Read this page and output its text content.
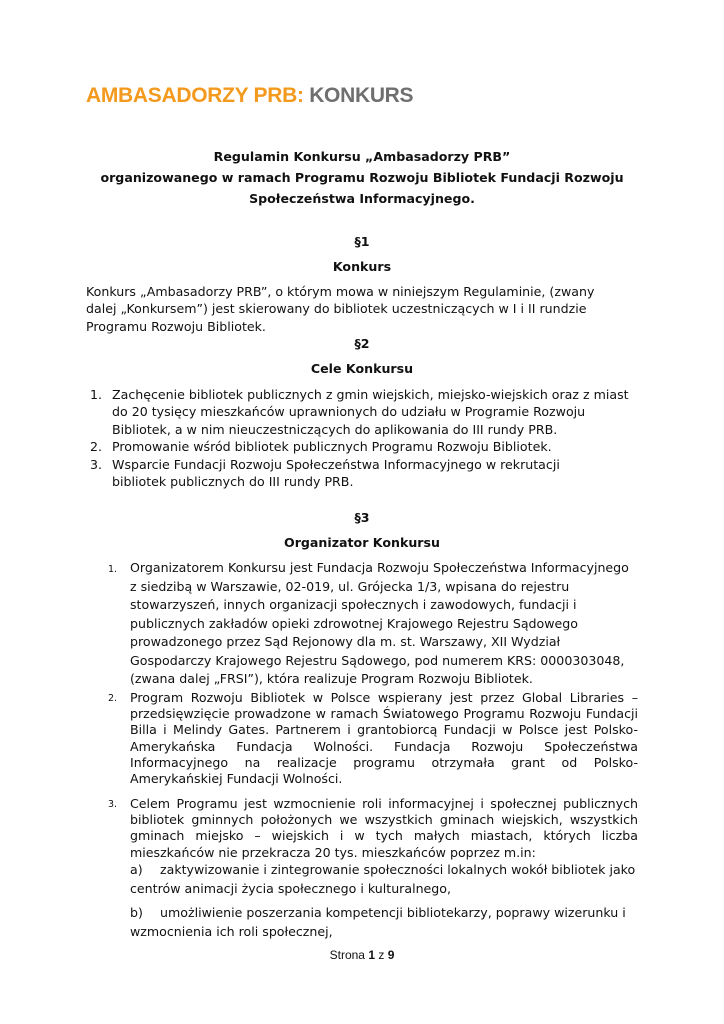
AMBASADORZY PRB: KONKURS
Regulamin Konkursu „Ambasadorzy PRB”
organizowanego w ramach Programu Rozwoju Bibliotek Fundacji Rozwoju
Społeczeństwa Informacyjnego.
§1
Konkurs
Konkurs „Ambasadorzy PRB”, o którym mowa w niniejszym Regulaminie, (zwany dalej „Konkursem”) jest skierowany do bibliotek uczestniczących w I i II rundzie Programu Rozwoju Bibliotek.
§2
Cele Konkursu
1. Zachęcenie bibliotek publicznych z gmin wiejskich, miejsko-wiejskich oraz z miast do 20 tysięcy mieszkańców uprawnionych do udziału w Programie Rozwoju Bibliotek, a w nim nieuczestniczących do aplikowania do III rundy PRB.
2. Promowanie wśród bibliotek publicznych Programu Rozwoju Bibliotek.
3. Wsparcie Fundacji Rozwoju Społeczeństwa Informacyjnego w rekrutacji bibliotek publicznych do III rundy PRB.
§3
Organizator Konkursu
1. Organizatorem Konkursu jest Fundacja Rozwoju Społeczeństwa Informacyjnego z siedzibą w Warszawie, 02-019, ul. Grójecka 1/3, wpisana do rejestru stowarzyszeń, innych organizacji społecznych i zawodowych, fundacji i publicznych zakładów opieki zdrowotnej Krajowego Rejestru Sądowego prowadzonego przez Sąd Rejonowy dla m. st. Warszawy, XII Wydział Gospodarczy Krajowego Rejestru Sądowego, pod numerem KRS: 0000303048, (zwana dalej „FRSI”), która realizuje Program Rozwoju Bibliotek.
2. Program Rozwoju Bibliotek w Polsce wspierany jest przez Global Libraries – przedsięwzięcie prowadzone w ramach Światowego Programu Rozwoju Fundacji Billa i Melindy Gates. Partnerem i grantobiorcą Fundacji w Polsce jest Polsko-Amerykańska Fundacja Wolności. Fundacja Rozwoju Społeczeństwa Informacyjnego na realizacje programu otrzymała grant od Polsko-Amerykańskiej Fundacji Wolności.
3. Celem Programu jest wzmocnienie roli informacyjnej i społecznej publicznych bibliotek gminnych położonych we wszystkich gminach wiejskich, wszystkich gminach miejsko – wiejskich i w tych małych miastach, których liczba mieszkańców nie przekracza 20 tys. mieszkańców poprzez m.in:
a)	zaktywizowanie i zintegrowanie społeczności lokalnych wokół bibliotek jako centrów animacji życia społecznego i kulturalnego,
b)	umożliwienie poszerzania kompetencji bibliotekarzy, poprawy wizerunku i wzmocnienia ich roli społecznej,
Strona 1 z 9
